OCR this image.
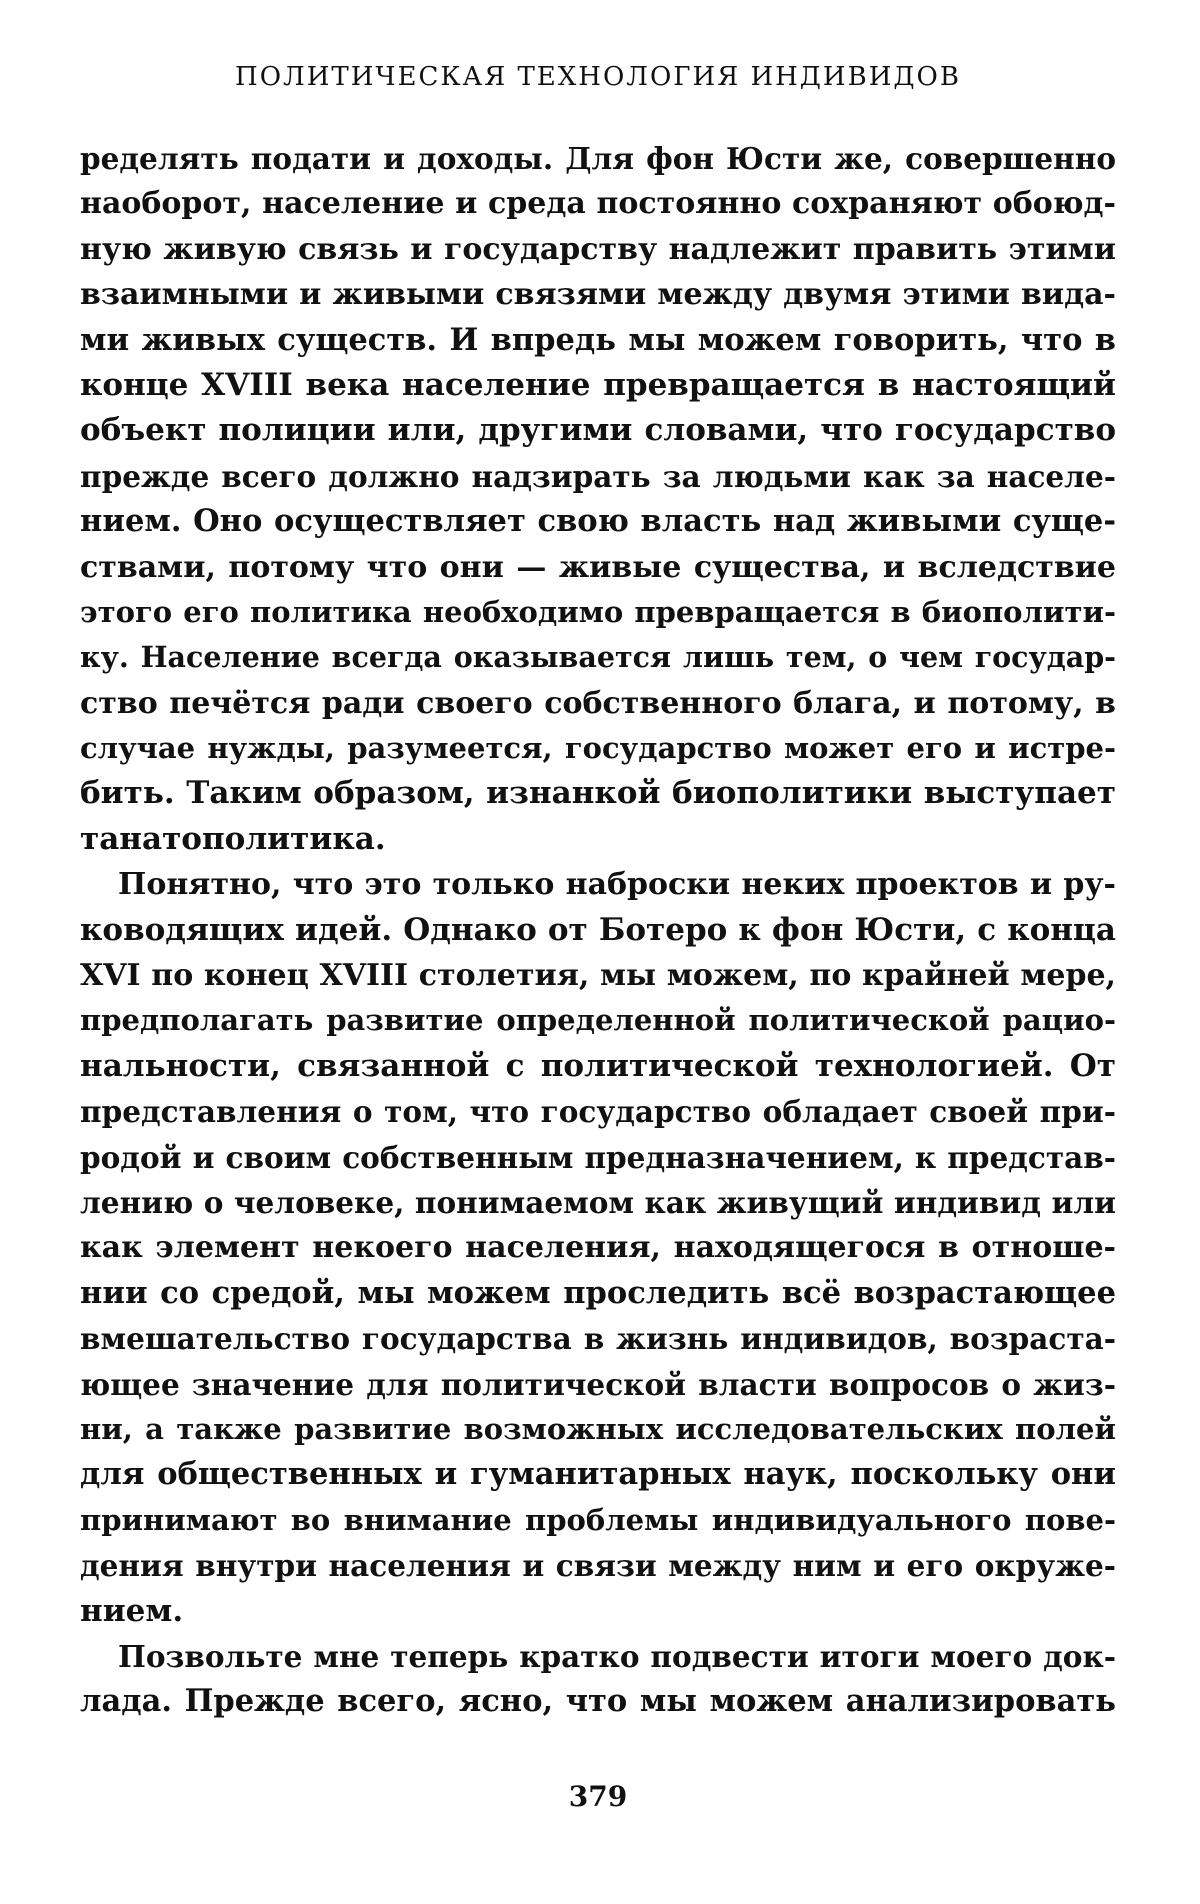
ПОЛИТИЧЕСКАЯ ТЕХНОЛОГИЯ ИНДИВИДОВ
ределять подати и доходы. Для фон Юсти же, совершенно
наоборот, население и среда постоянно сохраняют обоюд-
ную живую связь и государству надлежит править этими
взаимными и живыми связями между двумя этими вида-
ми живых существ. И впредь мы можем говорить, что в
конце XVIII века население превращается в настоящий
объект полиции или, другими словами, что государство
прежде всего должно надзирать за людьми как за населе-
нием. Оно осуществляет свою власть над живыми суще-
ствами, потому что они — живые существа, и вследствие
этого его политика необходимо превращается в биополити-
ку. Население всегда оказывается лишь тем, о чем государ-
ство печётся ради своего собственного блага, и потому, в
случае нужды, разумеется, государство может его и истре-
бить. Таким образом, изнанкой биополитики выступает
танатополитика.
Понятно, что это только наброски неких проектов и ру-
ководящих идей. Однако от Ботеро к фон Юсти, с конца
XVI по конец XVIII столетия, мы можем, по крайней мере,
предполагать развитие определенной политической рацио-
нальности, связанной с политической технологией. От
представления о том, что государство обладает своей при-
родой и своим собственным предназначением, к представ-
лению о человеке, понимаемом как живущий индивид или
как элемент некоего населения, находящегося в отноше-
нии со средой, мы можем проследить всё возрастающее
вмешательство государства в жизнь индивидов, возраста-
ющее значение для политической власти вопросов о жиз-
ни, а также развитие возможных исследовательских полей
для общественных и гуманитарных наук, поскольку они
принимают во внимание проблемы индивидуального пове-
дения внутри населения и связи между ним и его окруже-
нием.
Позвольте мне теперь кратко подвести итоги моего док-
лада. Прежде всего, ясно, что мы можем анализировать
379
